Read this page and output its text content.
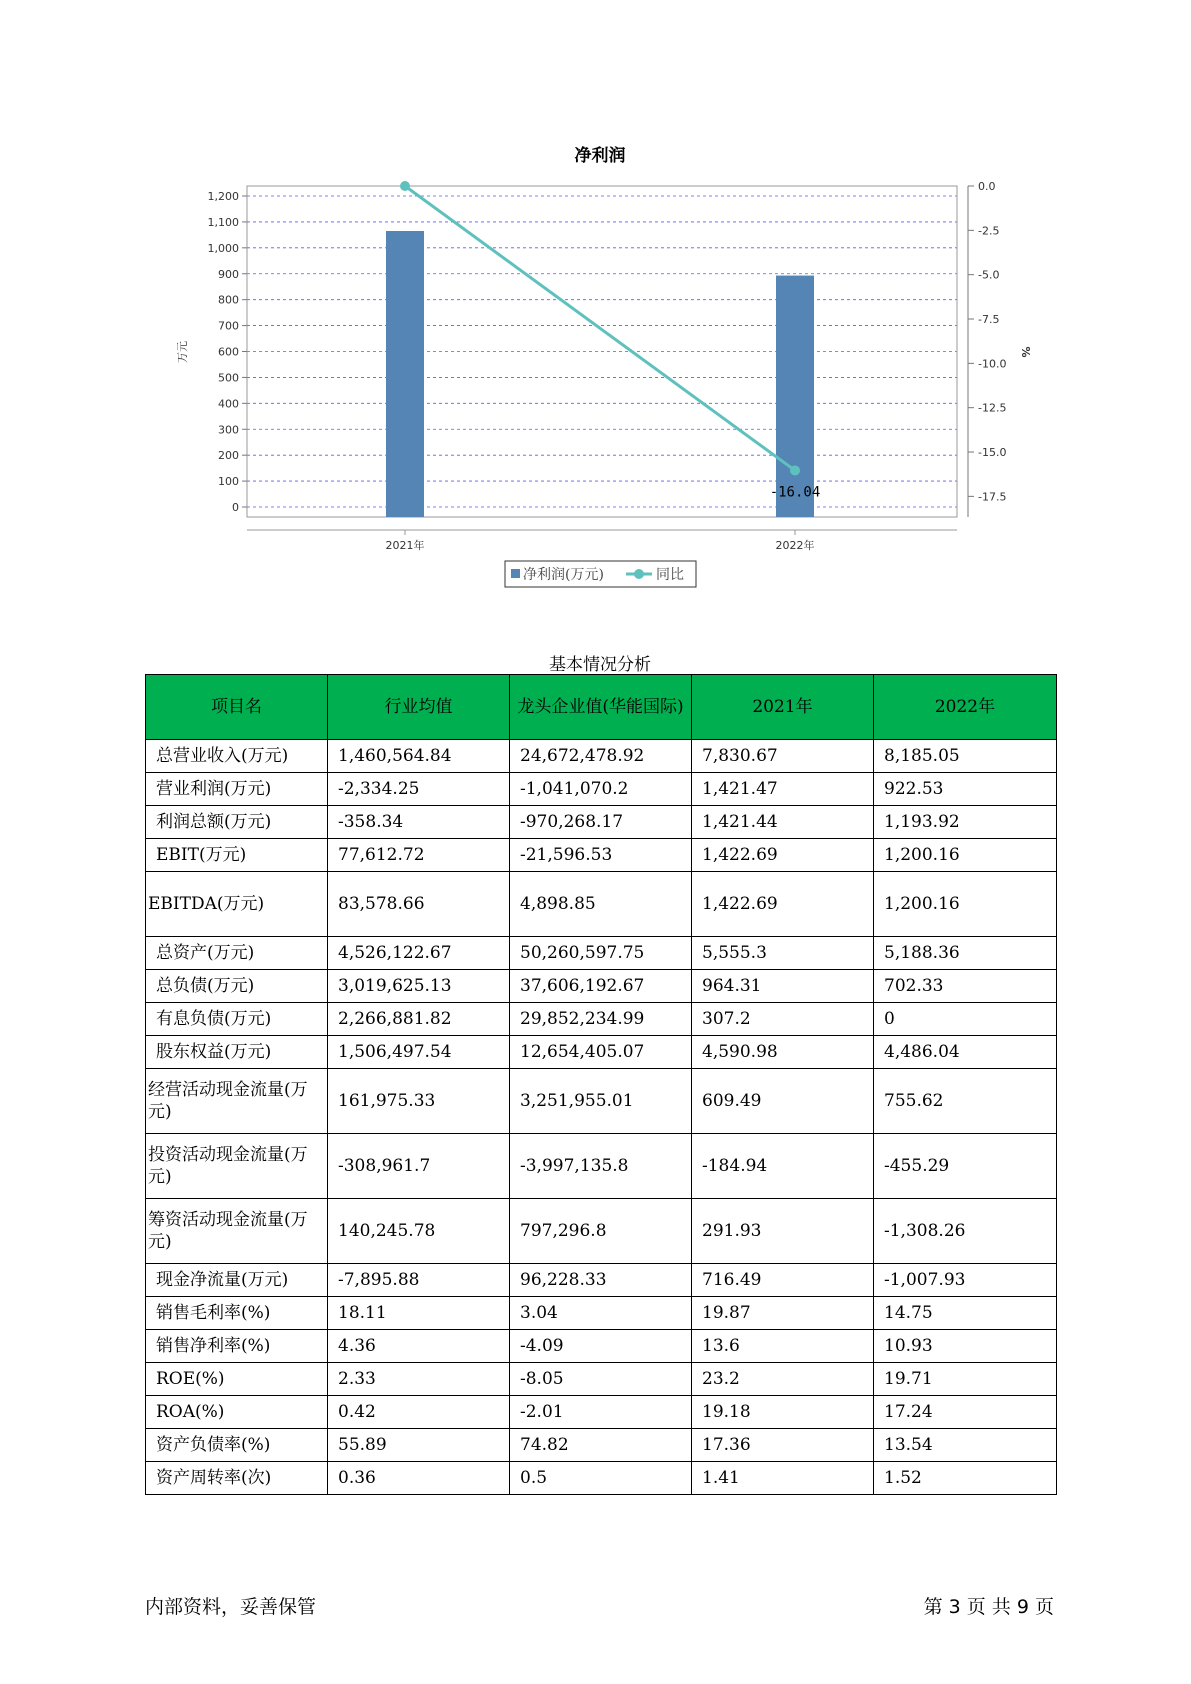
净利润
0
100
200
300
400
500
600
700
800
900
1,000
1,100
1,200
0.0
-2.5
-5.0
-7.5
-10.0
-12.5
-15.0
-17.5
2021年	2022年
-16.04
万元	%
净利润(万元)	同比
基本情况分析
项目名	行业均值	龙头企业值(华能国际)	2021年	2022年
总营业收入(万元)	1,460,564.84	24,672,478.92	7,830.67	8,185.05
营业利润(万元)	-2,334.25	-1,041,070.2	1,421.47	922.53
利润总额(万元)	-358.34	-970,268.17	1,421.44	1,193.92
EBIT(万元)	77,612.72	-21,596.53	1,422.69	1,200.16
EBITDA(万元)	83,578.66	4,898.85	1,422.69	1,200.16
总资产(万元)	4,526,122.67	50,260,597.75	5,555.3	5,188.36
总负债(万元)	3,019,625.13	37,606,192.67	964.31	702.33
有息负债(万元)	2,266,881.82	29,852,234.99	307.2	0
股东权益(万元)	1,506,497.54	12,654,405.07	4,590.98	4,486.04
经营活动现金流量(万元)	161,975.33	3,251,955.01	609.49	755.62
投资活动现金流量(万元)	-308,961.7	-3,997,135.8	-184.94	-455.29
筹资活动现金流量(万元)	140,245.78	797,296.8	291.93	-1,308.26
现金净流量(万元)	-7,895.88	96,228.33	716.49	-1,007.93
销售毛利率(%)	18.11	3.04	19.87	14.75
销售净利率(%)	4.36	-4.09	13.6	10.93
ROE(%)	2.33	-8.05	23.2	19.71
ROA(%)	0.42	-2.01	19.18	17.24
资产负债率(%)	55.89	74.82	17.36	13.54
资产周转率(次)	0.36	0.5	1.41	1.52
内部资料，妥善保管	第 3 页 共 9 页
